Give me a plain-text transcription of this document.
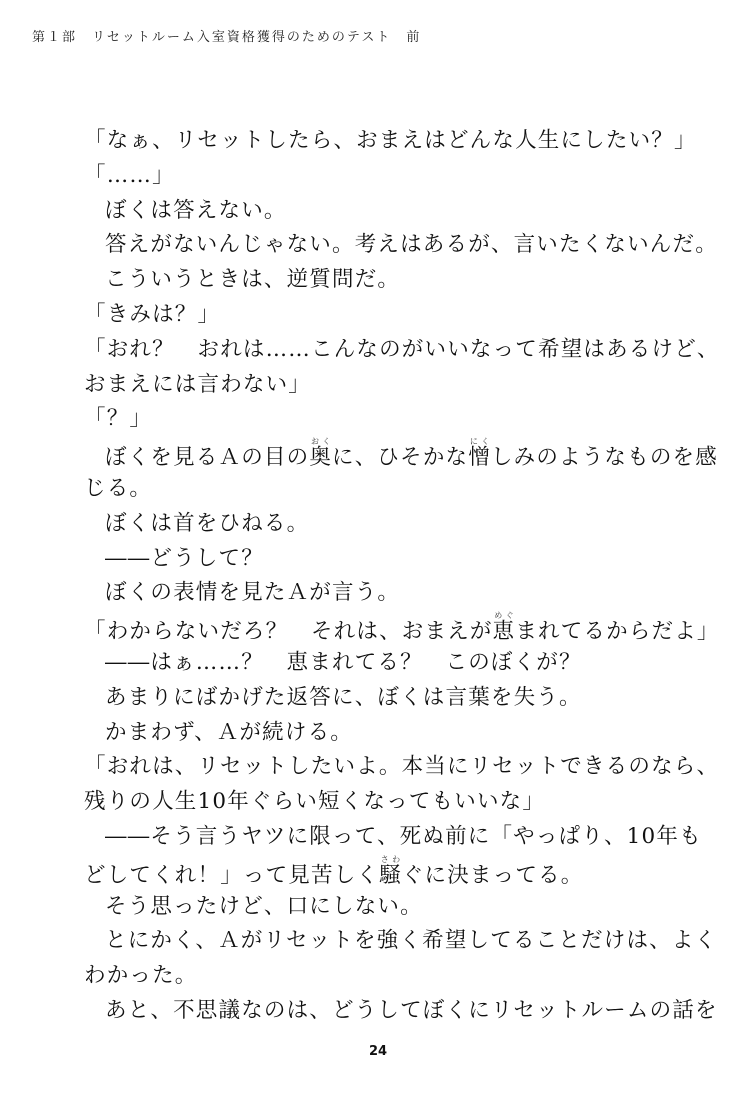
第１部　リセットルーム入室資格獲得のためのテスト　前
「なぁ、リセットしたら、おまえはどんな人生にしたい？」
「……」
ぼくは答えない。
答えがないんじゃない。考えはあるが、言いたくないんだ。
こういうときは、逆質問だ。
「きみは？」
「おれ？　おれは……こんなのがいいなって希望はあるけど、
おまえには言わない」
「？」
ぼくを見るＡの目の奥おくに、ひそかな憎にくしみのようなものを感
じる。
ぼくは首をひねる。
――どうして？
ぼくの表情を見たＡが言う。
「わからないだろ？　それは、おまえが恵めぐまれてるからだよ」
――はぁ……？　恵まれてる？　このぼくが？
あまりにばかげた返答に、ぼくは言葉を失う。
かまわず、Ａが続ける。
「おれは、リセットしたいよ。本当にリセットできるのなら、
残りの人生10年ぐらい短くなってもいいな」
――そう言うヤツに限って、死ぬ前に「やっぱり、10年も
どしてくれ！」って見苦しく騒さわぐに決まってる。
そう思ったけど、口にしない。
とにかく、Ａがリセットを強く希望してることだけは、よく
わかった。
あと、不思議なのは、どうしてぼくにリセットルームの話を
24
